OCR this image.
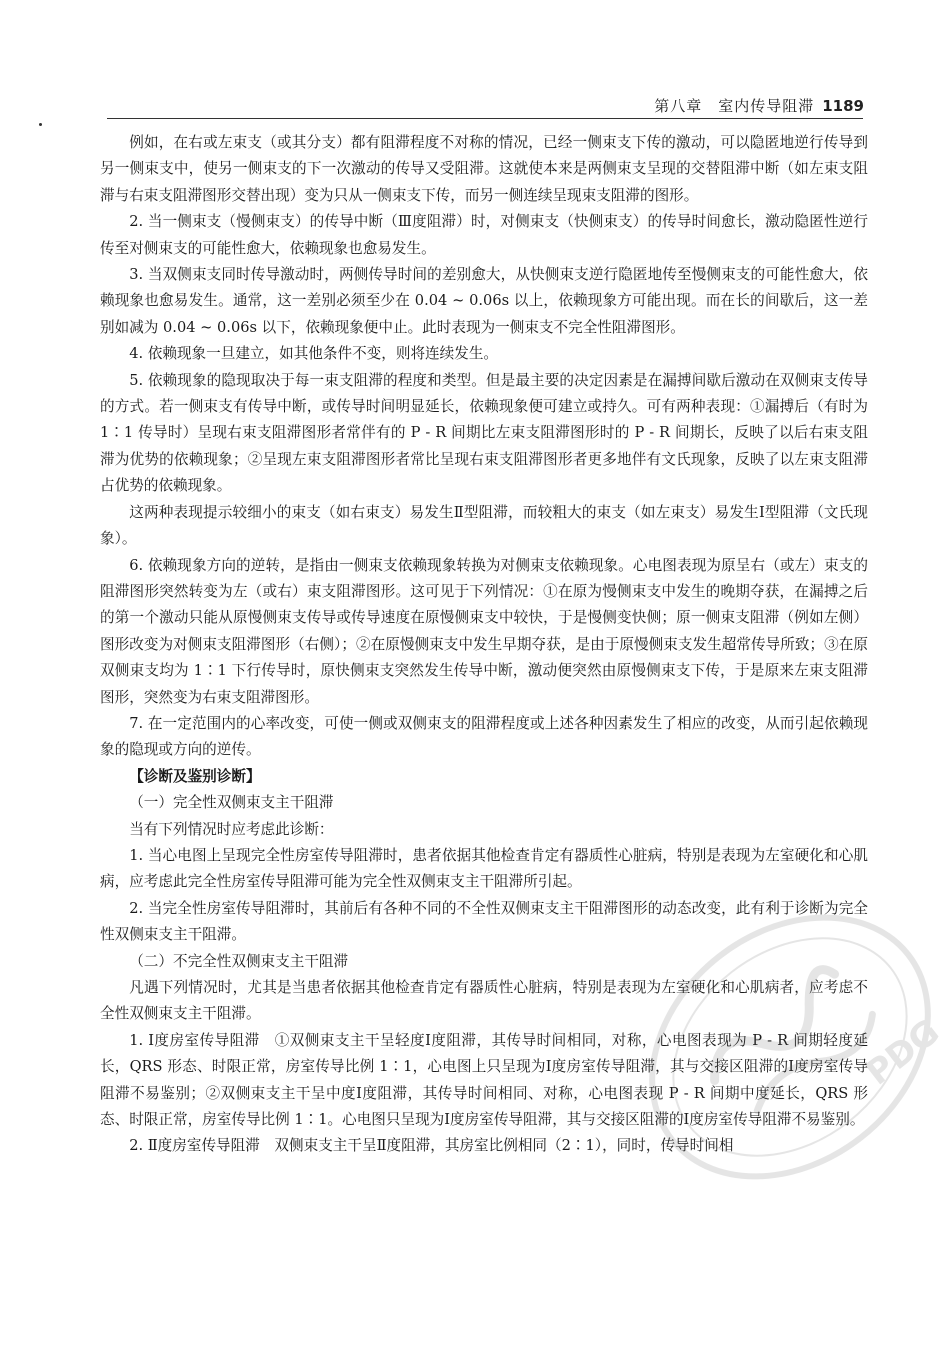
第八章　室内传导阻滞 1189

例如，在右或左束支（或其分支）都有阻滞程度不对称的情况，已经一侧束支下传的激动，可以隐匿地逆行传导到另一侧束支中，使另一侧束支的下一次激动的传导又受阻滞。这就使本来是两侧束支呈现的交替阻滞中断（如左束支阻滞与右束支阻滞图形交替出现）变为只从一侧束支下传，而另一侧连续呈现束支阻滞的图形。

2. 当一侧束支（慢侧束支）的传导中断（Ⅲ度阻滞）时，对侧束支（快侧束支）的传导时间愈长，激动隐匿性逆行传至对侧束支的可能性愈大，依赖现象也愈易发生。

3. 当双侧束支同时传导激动时，两侧传导时间的差别愈大，从快侧束支逆行隐匿地传至慢侧束支的可能性愈大，依赖现象也愈易发生。通常，这一差别必须至少在 0.04 ~ 0.06s 以上，依赖现象方可能出现。而在长的间歇后，这一差别如减为 0.04 ~ 0.06s 以下，依赖现象便中止。此时表现为一侧束支不完全性阻滞图形。

4. 依赖现象一旦建立，如其他条件不变，则将连续发生。

5. 依赖现象的隐现取决于每一束支阻滞的程度和类型。但是最主要的决定因素是在漏搏间歇后激动在双侧束支传导的方式。若一侧束支有传导中断，或传导时间明显延长，依赖现象便可建立或持久。可有两种表现：①漏搏后（有时为 1∶1 传导时）呈现右束支阻滞图形者常伴有的 P - R 间期比左束支阻滞图形时的 P - R 间期长，反映了以后右束支阻滞为优势的依赖现象；②呈现左束支阻滞图形者常比呈现右束支阻滞图形者更多地伴有文氏现象，反映了以左束支阻滞占优势的依赖现象。

这两种表现提示较细小的束支（如右束支）易发生Ⅱ型阻滞，而较粗大的束支（如左束支）易发生Ⅰ型阻滞（文氏现象）。

6. 依赖现象方向的逆转，是指由一侧束支依赖现象转换为对侧束支依赖现象。心电图表现为原呈右（或左）束支的阻滞图形突然转变为左（或右）束支阻滞图形。这可见于下列情况：①在原为慢侧束支中发生的晚期夺获，在漏搏之后的第一个激动只能从原慢侧束支传导或传导速度在原慢侧束支中较快，于是慢侧变快侧；原一侧束支阻滞（例如左侧）图形改变为对侧束支阻滞图形（右侧）；②在原慢侧束支中发生早期夺获，是由于原慢侧束支发生超常传导所致；③在原双侧束支均为 1∶1 下行传导时，原快侧束支突然发生传导中断，激动便突然由原慢侧束支下传，于是原来左束支阻滞图形，突然变为右束支阻滞图形。

7. 在一定范围内的心率改变，可使一侧或双侧束支的阻滞程度或上述各种因素发生了相应的改变，从而引起依赖现象的隐现或方向的逆传。

【诊断及鉴别诊断】

（一）完全性双侧束支主干阻滞

当有下列情况时应考虑此诊断：

1. 当心电图上呈现完全性房室传导阻滞时，患者依据其他检查肯定有器质性心脏病，特别是表现为左室硬化和心肌病，应考虑此完全性房室传导阻滞可能为完全性双侧束支主干阻滞所引起。

2. 当完全性房室传导阻滞时，其前后有各种不同的不全性双侧束支主干阻滞图形的动态改变，此有利于诊断为完全性双侧束支主干阻滞。

（二）不完全性双侧束支主干阻滞

凡遇下列情况时，尤其是当患者依据其他检查肯定有器质性心脏病，特别是表现为左室硬化和心肌病者，应考虑不全性双侧束支主干阻滞。

1. Ⅰ度房室传导阻滞　①双侧束支主干呈轻度Ⅰ度阻滞，其传导时间相同，对称，心电图表现为 P - R 间期轻度延长，QRS 形态、时限正常，房室传导比例 1∶1，心电图上只呈现为Ⅰ度房室传导阻滞，其与交接区阻滞的Ⅰ度房室传导阻滞不易鉴别；②双侧束支主干呈中度Ⅰ度阻滞，其传导时间相同、对称，心电图表现 P - R 间期中度延长，QRS 形态、时限正常，房室传导比例 1∶1。心电图只呈现为Ⅰ度房室传导阻滞，其与交接区阻滞的Ⅰ度房室传导阻滞不易鉴别。

2. Ⅱ度房室传导阻滞　双侧束支主干呈Ⅱ度阻滞，其房室比例相同（2∶1），同时，传导时间相

PDG
